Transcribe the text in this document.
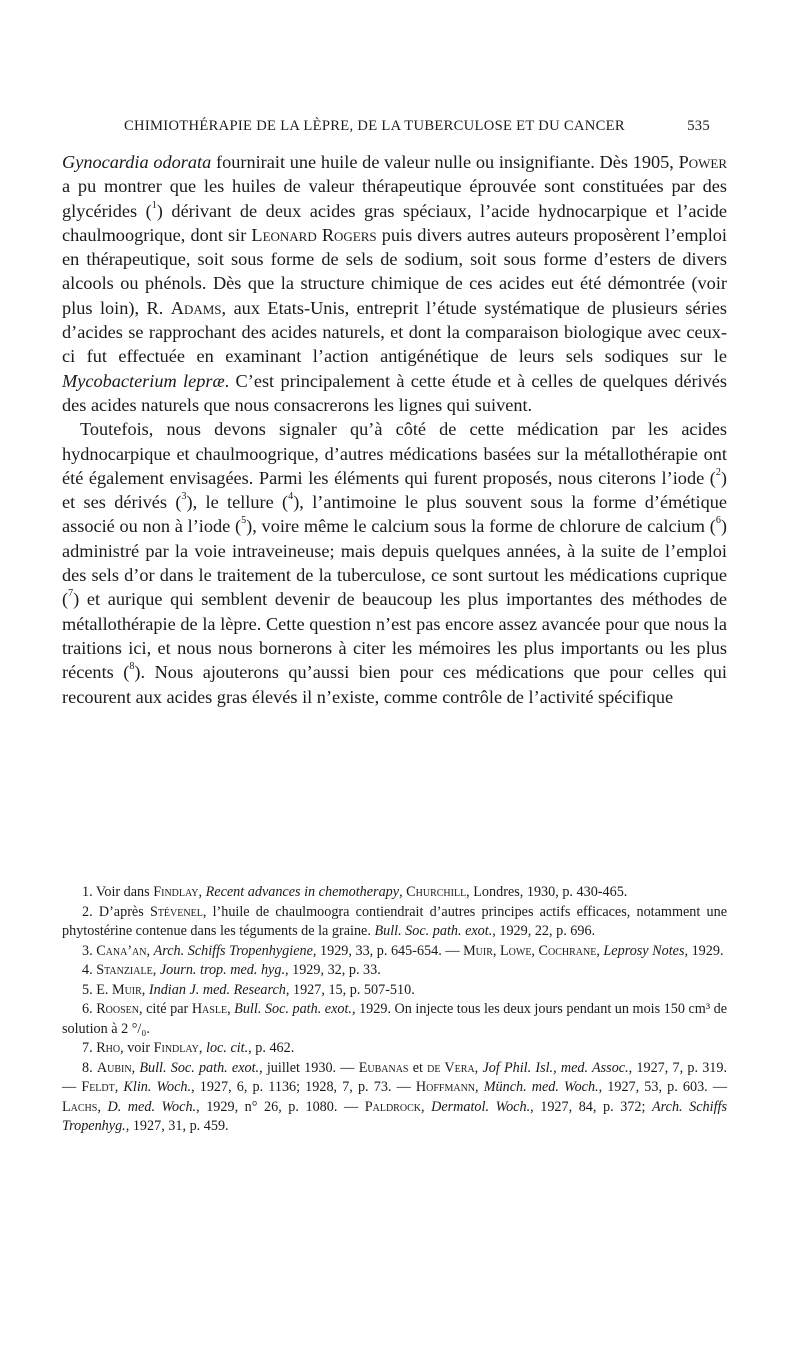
CHIMIOTHÉRAPIE DE LA LÈPRE, DE LA TUBERCULOSE ET DU CANCER	535

Gynocardia odorata fournirait une huile de valeur nulle ou insignifiante. Dès 1905, Power a pu montrer que les huiles de valeur thérapeutique éprouvée sont constituées par des glycérides ($^1$) dérivant de deux acides gras spéciaux, l’acide hydnocarpique et l’acide chaulmoogrique, dont sir Leonard Rogers puis divers autres auteurs proposèrent l’emploi en thérapeutique, soit sous forme de sels de sodium, soit sous forme d’esters de divers alcools ou phénols. Dès que la structure chimique de ces acides eut été démontrée (voir plus loin), R. Adams, aux Etats-Unis, entreprit l’étude systématique de plusieurs séries d’acides se rapprochant des acides naturels, et dont la comparaison biologique avec ceux-ci fut effectuée en examinant l’action antigénétique de leurs sels sodiques sur le Mycobacterium lepræ. C’est principalement à cette étude et à celles de quelques dérivés des acides naturels que nous consacrerons les lignes qui suivent.

Toutefois, nous devons signaler qu’à côté de cette médication par les acides hydnocarpique et chaulmoogrique, d’autres médications basées sur la métallothérapie ont été également envisagées. Parmi les éléments qui furent proposés, nous citerons l’iode ($^2$) et ses dérivés ($^3$), le tellure ($^4$), l’antimoine le plus souvent sous la forme d’émétique associé ou non à l’iode ($^5$), voire même le calcium sous la forme de chlorure de calcium ($^6$) administré par la voie intraveineuse; mais depuis quelques années, à la suite de l’emploi des sels d’or dans le traitement de la tuberculose, ce sont surtout les médications cuprique ($^7$) et aurique qui semblent devenir de beaucoup les plus importantes des méthodes de métallothérapie de la lèpre. Cette question n’est pas encore assez avancée pour que nous la traitions ici, et nous nous bornerons à citer les mémoires les plus importants ou les plus récents ($^8$). Nous ajouterons qu’aussi bien pour ces médications que pour celles qui recourent aux acides gras élevés il n’existe, comme contrôle de l’activité spécifique

1. Voir dans Findlay, Recent advances in chemotherapy, Churchill, Londres, 1930, p. 430-465.

2. D’après Stévenel, l’huile de chaulmoogra contiendrait d’autres principes actifs efficaces, notamment une phytostérine contenue dans les téguments de la graine. Bull. Soc. path. exot., 1929, 22, p. 696.

3. Cana’an, Arch. Schiffs Tropenhygiene, 1929, 33, p. 645-654. — Muir, Lowe, Cochrane, Leprosy Notes, 1929.

4. Stanziale, Journ. trop. med. hyg., 1929, 32, p. 33.

5. E. Muir, Indian J. med. Research, 1927, 15, p. 507-510.

6. Roosen, cité par Hasle, Bull. Soc. path. exot., 1929. On injecte tous les deux jours pendant un mois 150 cm³ de solution à 2 °/₀.

7. Rho, voir Findlay, loc. cit., p. 462.

8. Aubin, Bull. Soc. path. exot., juillet 1930. — Eubanas et de Vera, Jof Phil. Isl., med. Assoc., 1927, 7, p. 319. — Feldt, Klin. Woch., 1927, 6, p. 1136; 1928, 7, p. 73. — Hoffmann, Münch. med. Woch., 1927, 53, p. 603. — Lachs, D. med. Woch., 1929, n° 26, p. 1080. — Paldrock, Dermatol. Woch., 1927, 84, p. 372; Arch. Schiffs Tropenhyg., 1927, 31, p. 459.
